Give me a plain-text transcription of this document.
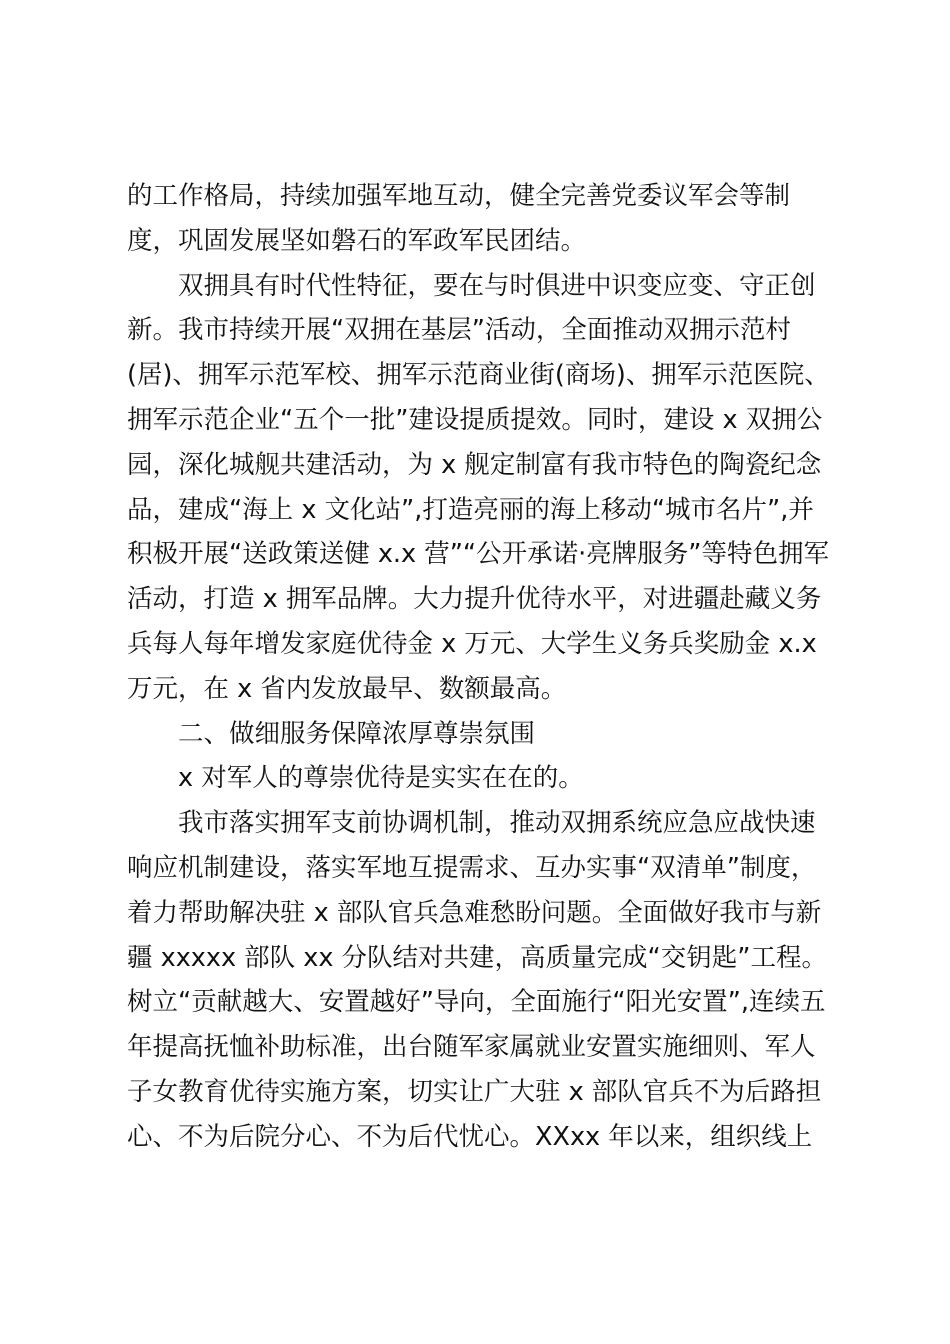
的工作格局，持续加强军地互动，健全完善党委议军会等制
度，巩固发展坚如磐石的军政军民团结。
双拥具有时代性特征，要在与时俱进中识变应变、守正创
新。我市持续开展“双拥在基层”活动，全面推动双拥示范村
(居)、拥军示范军校、拥军示范商业街(商场)、拥军示范医院、
拥军示范企业“五个一批”建设提质提效。同时，建设 x 双拥公
园，深化城舰共建活动，为 x 舰定制富有我市特色的陶瓷纪念
品，建成“海上 x 文化站”,打造亮丽的海上移动“城市名片”,并
积极开展“送政策送健 x.x 营”“公开承诺·亮牌服务”等特色拥军
活动，打造 x 拥军品牌。大力提升优待水平，对进疆赴藏义务
兵每人每年增发家庭优待金 x 万元、大学生义务兵奖励金 x.x
万元，在 x 省内发放最早、数额最高。
二、做细服务保障浓厚尊崇氛围
x 对军人的尊崇优待是实实在在的。
我市落实拥军支前协调机制，推动双拥系统应急应战快速
响应机制建设，落实军地互提需求、互办实事“双清单”制度，
着力帮助解决驻 x 部队官兵急难愁盼问题。全面做好我市与新
疆 xxxxx 部队 xx 分队结对共建，高质量完成“交钥匙”工程。
树立“贡献越大、安置越好”导向，全面施行“阳光安置”,连续五
年提高抚恤补助标准，出台随军家属就业安置实施细则、军人
子女教育优待实施方案，切实让广大驻 x 部队官兵不为后路担
心、不为后院分心、不为后代忧心。XXxx 年以来，组织线上
